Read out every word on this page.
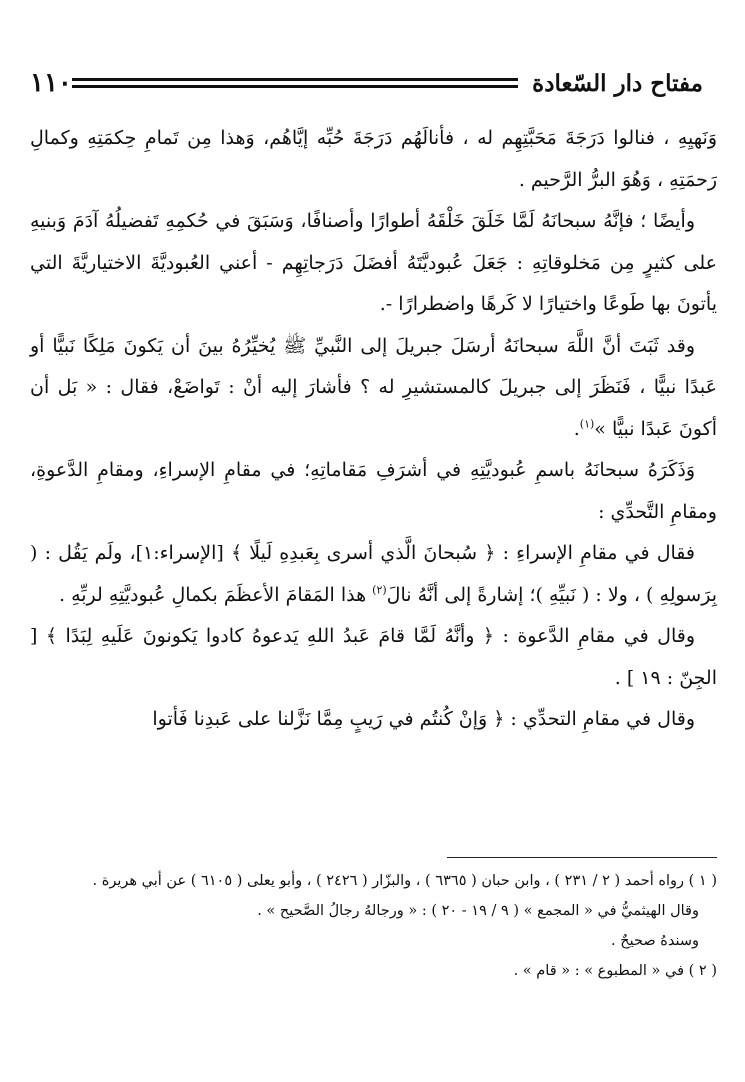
١١٠	مفتاح دار السّعادة

وَنَهيِهِ ، فنالوا دَرَجَةَ مَحَبَّتِهِم له ، فأنالَهُم دَرَجَةَ حُبِّه إيَّاهُم، وَهذا مِن تَمامِ حِكمَتِهِ وكمالِ رَحمَتِهِ ، وَهُوَ البرُّ الرَّحيم .

وأيضًا ؛ فإنَّهُ سبحانَهُ لَمَّا خَلَقَ خَلْقَهُ أطوارًا وأصنافًا، وَسَبَقَ في حُكمِهِ تَفضيلُهُ آدَمَ وَبنيهِ على كثيرٍ مِن مَخلوقاتِهِ : جَعَلَ عُبوديَّتَهُ أفضَلَ دَرَجاتِهِم - أعني العُبوديَّةَ الاختياريَّةَ التي يأتونَ بها طَوعًا واختيارًا لا كَرهًا واضطرارًا -.

وقد ثَبَتَ أنَّ اللَّهَ سبحانَهُ أرسَلَ جبريلَ إلى النَّبيِّ ﷺ يُخيِّرُهُ بينَ أن يَكونَ مَلِكًا نَبيًّا أو عَبدًا نبيًّا ، فَنَظَرَ إلى جبريلَ كالمستشيرِ له ؟ فأشارَ إليه أنْ : تَواضَعْ، فقال : « بَل أن أكونَ عَبدًا نبيًّا »$^{(١)}$.

وَذَكَرَهُ سبحانَهُ باسمِ عُبوديَّتِهِ في أشرَفِ مَقاماتِهِ؛ في مقامِ الإسراءِ، ومقامِ الدَّعوةِ، ومقامِ التَّحدِّي :

فقال في مقامِ الإسراءِ : ﴿ سُبحانَ الَّذي أسرى بِعَبدِهِ لَيلًا ﴾ [الإسراء:١]، ولَم يَقُل : ( بِرَسولِهِ ) ، ولا : ( نَبيِّهِ )؛ إشارةً إلى أنَّهُ نالَ$^{(٢)}$ هذا المَقامَ الأعظَمَ بكمالِ عُبوديَّتِهِ لربِّهِ .

وقال في مقامِ الدَّعوة : ﴿ وأنَّهُ لَمَّا قامَ عَبدُ اللهِ يَدعوهُ كادوا يَكونونَ عَلَيهِ لِبَدًا ﴾ [ الجِنّ : ١٩ ] .

وقال في مقامِ التحدِّي : ﴿ وَإنْ كُنتُم في رَيبٍ مِمَّا نَزَّلنا على عَبدِنا فَأتوا

( ١ ) رواه أحمد ( ٢ / ٢٣١ ) ، وابن حبان ( ٦٣٦٥ ) ، والبزّار ( ٢٤٢٦ ) ، وأبو يعلى ( ٦١٠٥ ) عن أبي هريرة .

وقال الهيثميُّ في « المجمع » ( ٩ / ١٩ - ٢٠ ) : « ورجالهُ رجالُ الصَّحيح » .

وسندهُ صحيحٌ .

( ٢ ) في « المطبوع » : « قام » .
